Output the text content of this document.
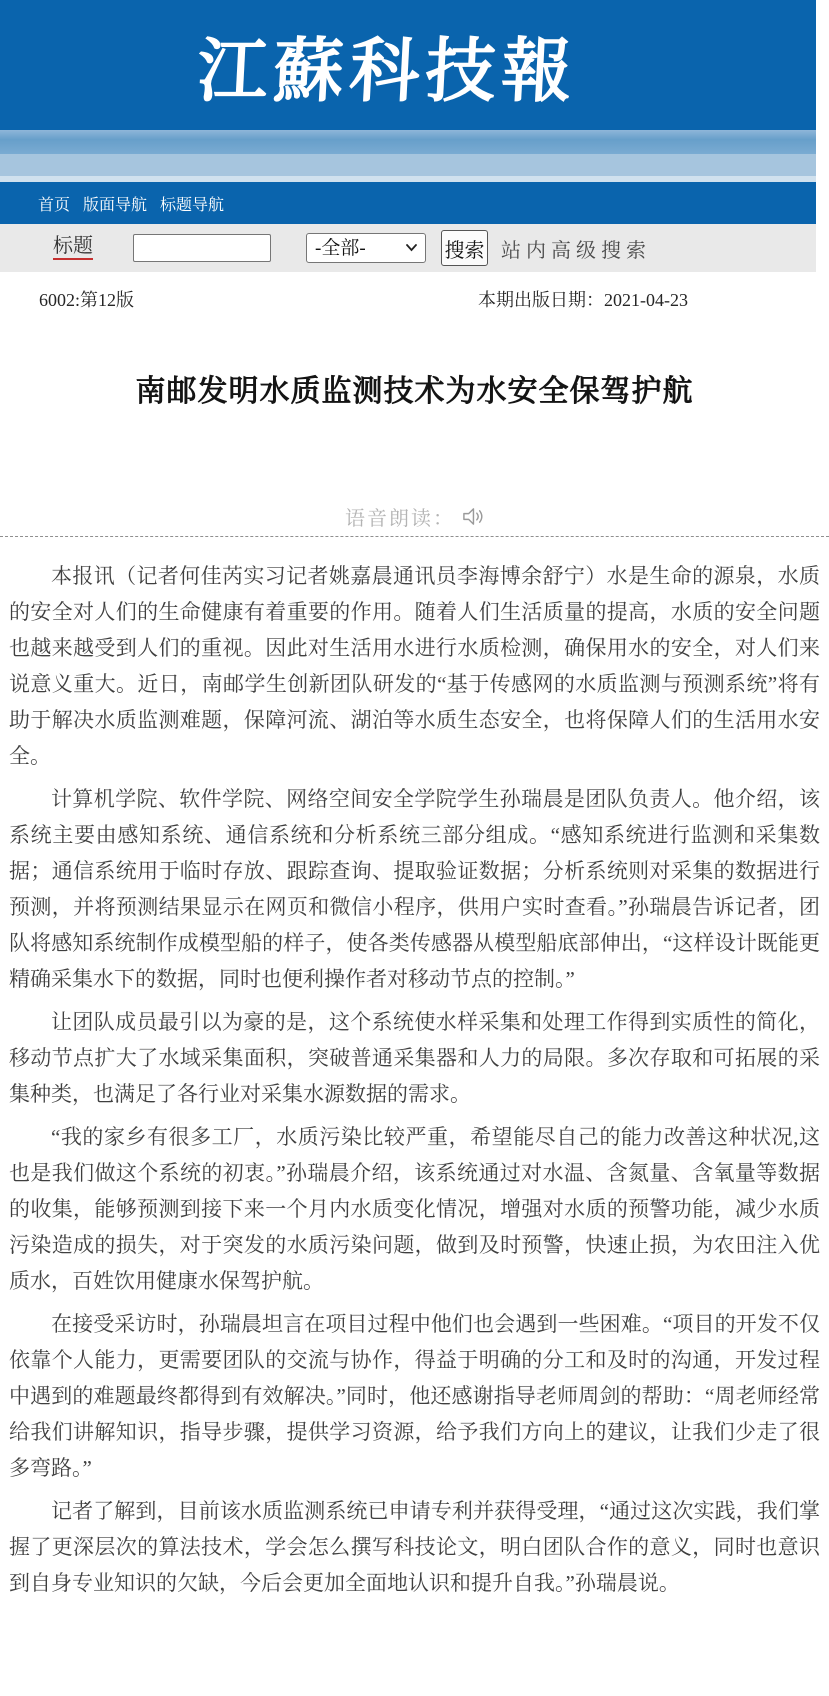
江蘇科技報
首页 版面导航 标题导航
标题
-全部-	搜索 站内高级搜索
6002:第12版	本期出版日期：2021-04-23
南邮发明水质监测技术为水安全保驾护航
语音朗读：

本报讯（记者何佳芮实习记者姚嘉晨通讯员李海博余舒宁）水是生命的源泉，水质的安全对人们的生命健康有着重要的作用。随着人们生活质量的提高，水质的安全问题也越来越受到人们的重视。因此对生活用水进行水质检测，确保用水的安全，对人们来说意义重大。近日，南邮学生创新团队研发的“基于传感网的水质监测与预测系统”将有助于解决水质监测难题，保障河流、湖泊等水质生态安全，也将保障人们的生活用水安全。

计算机学院、软件学院、网络空间安全学院学生孙瑞晨是团队负责人。他介绍，该系统主要由感知系统、通信系统和分析系统三部分组成。“感知系统进行监测和采集数据；通信系统用于临时存放、跟踪查询、提取验证数据；分析系统则对采集的数据进行预测，并将预测结果显示在网页和微信小程序，供用户实时查看。”孙瑞晨告诉记者，团队将感知系统制作成模型船的样子，使各类传感器从模型船底部伸出，“这样设计既能更精确采集水下的数据，同时也便利操作者对移动节点的控制。”

让团队成员最引以为豪的是，这个系统使水样采集和处理工作得到实质性的简化，移动节点扩大了水域采集面积，突破普通采集器和人力的局限。多次存取和可拓展的采集种类，也满足了各行业对采集水源数据的需求。

“我的家乡有很多工厂，水质污染比较严重，希望能尽自己的能力改善这种状况,这也是我们做这个系统的初衷。”孙瑞晨介绍，该系统通过对水温、含氮量、含氧量等数据的收集，能够预测到接下来一个月内水质变化情况，增强对水质的预警功能，减少水质污染造成的损失，对于突发的水质污染问题，做到及时预警，快速止损，为农田注入优质水，百姓饮用健康水保驾护航。

在接受采访时，孙瑞晨坦言在项目过程中他们也会遇到一些困难。“项目的开发不仅依靠个人能力，更需要团队的交流与协作，得益于明确的分工和及时的沟通，开发过程中遇到的难题最终都得到有效解决。”同时，他还感谢指导老师周剑的帮助：“周老师经常给我们讲解知识，指导步骤，提供学习资源，给予我们方向上的建议，让我们少走了很多弯路。”

记者了解到，目前该水质监测系统已申请专利并获得受理，“通过这次实践，我们掌握了更深层次的算法技术，学会怎么撰写科技论文，明白团队合作的意义，同时也意识到自身专业知识的欠缺，今后会更加全面地认识和提升自我。”孙瑞晨说。
